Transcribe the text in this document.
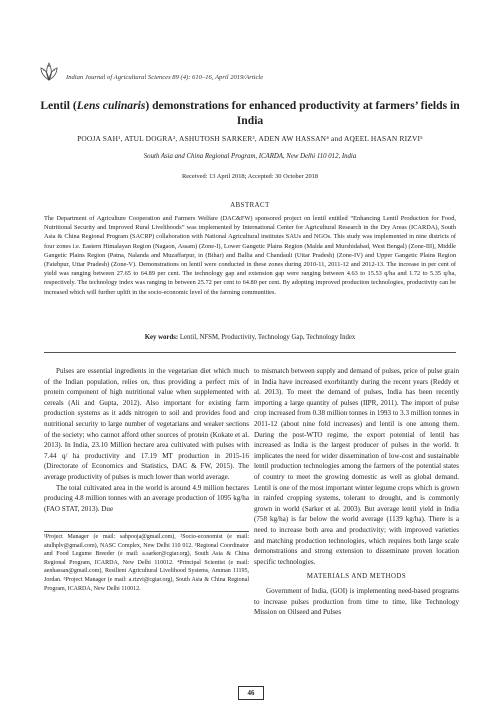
Indian Journal of Agricultural Sciences 89 (4): 610–16, April 2019/Article
Lentil (Lens culinaris) demonstrations for enhanced productivity at farmers’ fields in India
POOJA SAH¹, ATUL DOGRA², ASHUTOSH SARKER³, ADEN AW HASSAN⁴ and AQEEL HASAN RIZVI⁵
South Asia and China Regional Program, ICARDA, New Delhi 110 012, India
Received: 13 April 2018; Accepted: 30 October 2018
ABSTRACT
The Department of Agriculture Cooperation and Farmers Welfare (DAC&FW) sponsored project on lentil entitled “Enhancing Lentil Production for Food, Nutritional Security and Improved Rural Livelihoods” was implemented by International Center for Agricultural Research in the Dry Areas (ICARDA), South Asia & China Regional Program (SACRP) collaboration with National Agricultural institutes SAUs and NGOs. This study was implemented in nine districts of four zones i.e. Eastern Himalayan Region (Nagaon, Assam) (Zone-I), Lower Gangetic Plains Region (Malda and Murshidabad, West Bengal) (Zone-III), Middle Gangetic Plains Region (Patna, Nalanda and Muzaffarpur, in (Bihar) and Ballia and Chandauli (Uttar Pradesh) (Zone-IV) and Upper Gangetic Plains Region (Fatehpur, Uttar Pradesh) (Zone-V). Demonstrations on lentil were conducted in these zones during 2010-11, 2011-12 and 2012-13. The increase in per cent of yield was ranging between 27.65 to 64.89 per cent. The technology gap and extension gap were ranging between 4.63 to 15.53 q/ha and 1.72 to 5.35 q/ha, respectively. The technology index was ranging in between 25.72 per cent to 64.80 per cent. By adopting improved production technologies, productivity can be increased which will further uplift in the socio-economic level of the farming communities.
Key words: Lentil, NFSM, Productivity, Technology Gap, Technology Index

Pulses are essential ingredients in the vegetarian diet which much of the Indian population, relies on, thus providing a perfect mix of protein component of high nutritional value when supplemented with cereals (Ali and Gupta, 2012). Also important for existing farm production systems as it adds nitrogen to soil and provides food and nutritional security to large number of vegetarians and weaker sections of the society; who cannot afford other sources of protein (Kokate et al. 2013). In India, 23.10 Million hectare area cultivated with pulses with 7.44 q/ ha productivity and 17.19 MT production in 2015-16 (Directorate of Economics and Statistics, DAC & FW, 2015). The average productivity of pulses is much lower than world average.

The total cultivated area in the world is around 4.9 million hectares producing 4.8 million tonnes with an average production of 1095 kg/ha (FAO STAT, 2013). Due

¹Project Manager (e mail: sahpooja@gmail.com), ²Socio-economist (e mail: atulhplv@gmail.com), NASC Complex, New Delhi 110 012. ³Regional Coordinator and Food Legume Breeder (e mail: a.sarker@cgiar.org), South Asia & China Regional Program, ICARDA, New Delhi 110012. ⁴Principal Scientist (e mail: aenhassan@gmail.com), Resilient Agricultural Livelihood Systems, Amman 11195, Jordan. ⁵Project Manager (e mail: a.rizvi@cgiar.org), South Asia & China Regional Program, ICARDA, New Delhi 110012.

to mismatch between supply and demand of pulses, price of pulse grain in India have increased exorbitantly during the recent years (Reddy et al. 2013). To meet the demand of pulses, India has been recently importing a large quantity of pulses (IIPR, 2011). The import of pulse crop increased from 0.38 million tonnes in 1993 to 3.3 million tonnes in 2011-12 (about nine fold increases) and lentil is one among them. During the post-WTO regime, the export potential of lentil has increased as India is the largest producer of pulses in the world. It implicates the need for wider dissemination of low-cost and sustainable lentil production technologies among the farmers of the potential states of country to meet the growing domestic as well as global demand. Lentil is one of the most important winter legume crops which is grown in rainfed cropping systems, tolerant to drought, and is commonly grown in world (Sarker et al. 2003). But average lentil yield in India (758 kg/ha) is far below the world average (1139 kg/ha). There is a need to increase both area and productivity; with improved varieties and matching production technologies, which requires both large scale demonstrations and strong extension to disseminate proven location specific technologies.

MATERIALS AND METHODS

Government of India, (GOI) is implementing need-based programs to increase pulses production from time to time, like Technology Mission on Oilseed and Pulses

46
